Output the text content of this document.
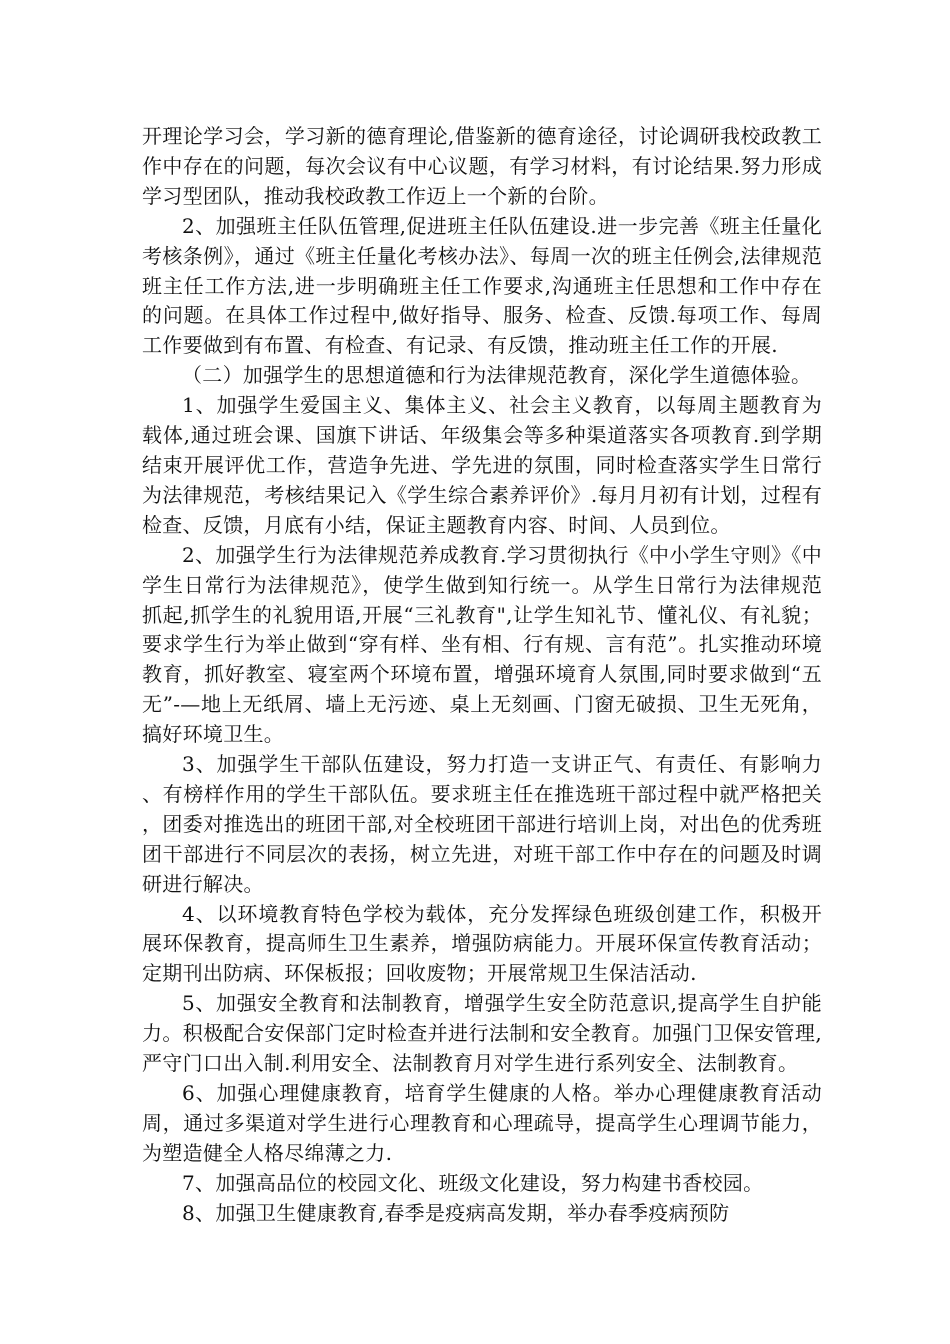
开理论学习会，学习新的德育理论,借鉴新的德育途径，讨论调研我校政教工作中存在的问题，每次会议有中心议题，有学习材料，有讨论结果.努力形成学习型团队，推动我校政教工作迈上一个新的台阶。

2、加强班主任队伍管理,促进班主任队伍建设.进一步完善《班主任量化考核条例》，通过《班主任量化考核办法》、每周一次的班主任例会,法律规范班主任工作方法,进一步明确班主任工作要求,沟通班主任思想和工作中存在的问题。在具体工作过程中,做好指导、服务、检查、反馈.每项工作、每周工作要做到有布置、有检查、有记录、有反馈，推动班主任工作的开展.

（二）加强学生的思想道德和行为法律规范教育，深化学生道德体验。

1、加强学生爱国主义、集体主义、社会主义教育，以每周主题教育为载体,通过班会课、国旗下讲话、年级集会等多种渠道落实各项教育.到学期结束开展评优工作，营造争先进、学先进的氛围，同时检查落实学生日常行为法律规范，考核结果记入《学生综合素养评价》.每月月初有计划，过程有检查、反馈，月底有小结，保证主题教育内容、时间、人员到位。

2、加强学生行为法律规范养成教育.学习贯彻执行《中小学生守则》《中学生日常行为法律规范》，使学生做到知行统一。从学生日常行为法律规范抓起,抓学生的礼貌用语,开展“三礼教育",让学生知礼节、懂礼仪、有礼貌；要求学生行为举止做到“穿有样、坐有相、行有规、言有范”。扎实推动环境教育，抓好教室、寝室两个环境布置，增强环境育人氛围,同时要求做到“五无”-—地上无纸屑、墙上无污迹、桌上无刻画、门窗无破损、卫生无死角，搞好环境卫生。

3、加强学生干部队伍建设，努力打造一支讲正气、有责任、有影响力、有榜样作用的学生干部队伍。要求班主任在推选班干部过程中就严格把关，团委对推选出的班团干部,对全校班团干部进行培训上岗，对出色的优秀班团干部进行不同层次的表扬，树立先进，对班干部工作中存在的问题及时调研进行解决。

4、以环境教育特色学校为载体，充分发挥绿色班级创建工作，积极开展环保教育，提高师生卫生素养，增强防病能力。开展环保宣传教育活动；定期刊出防病、环保板报；回收废物；开展常规卫生保洁活动.

5、加强安全教育和法制教育，增强学生安全防范意识,提高学生自护能力。积极配合安保部门定时检查并进行法制和安全教育。加强门卫保安管理,严守门口出入制.利用安全、法制教育月对学生进行系列安全、法制教育。

6、加强心理健康教育，培育学生健康的人格。举办心理健康教育活动周，通过多渠道对学生进行心理教育和心理疏导，提高学生心理调节能力，为塑造健全人格尽绵薄之力.

7、加强高品位的校园文化、班级文化建设，努力构建书香校园。

8、加强卫生健康教育,春季是疫病高发期，举办春季疫病预防
